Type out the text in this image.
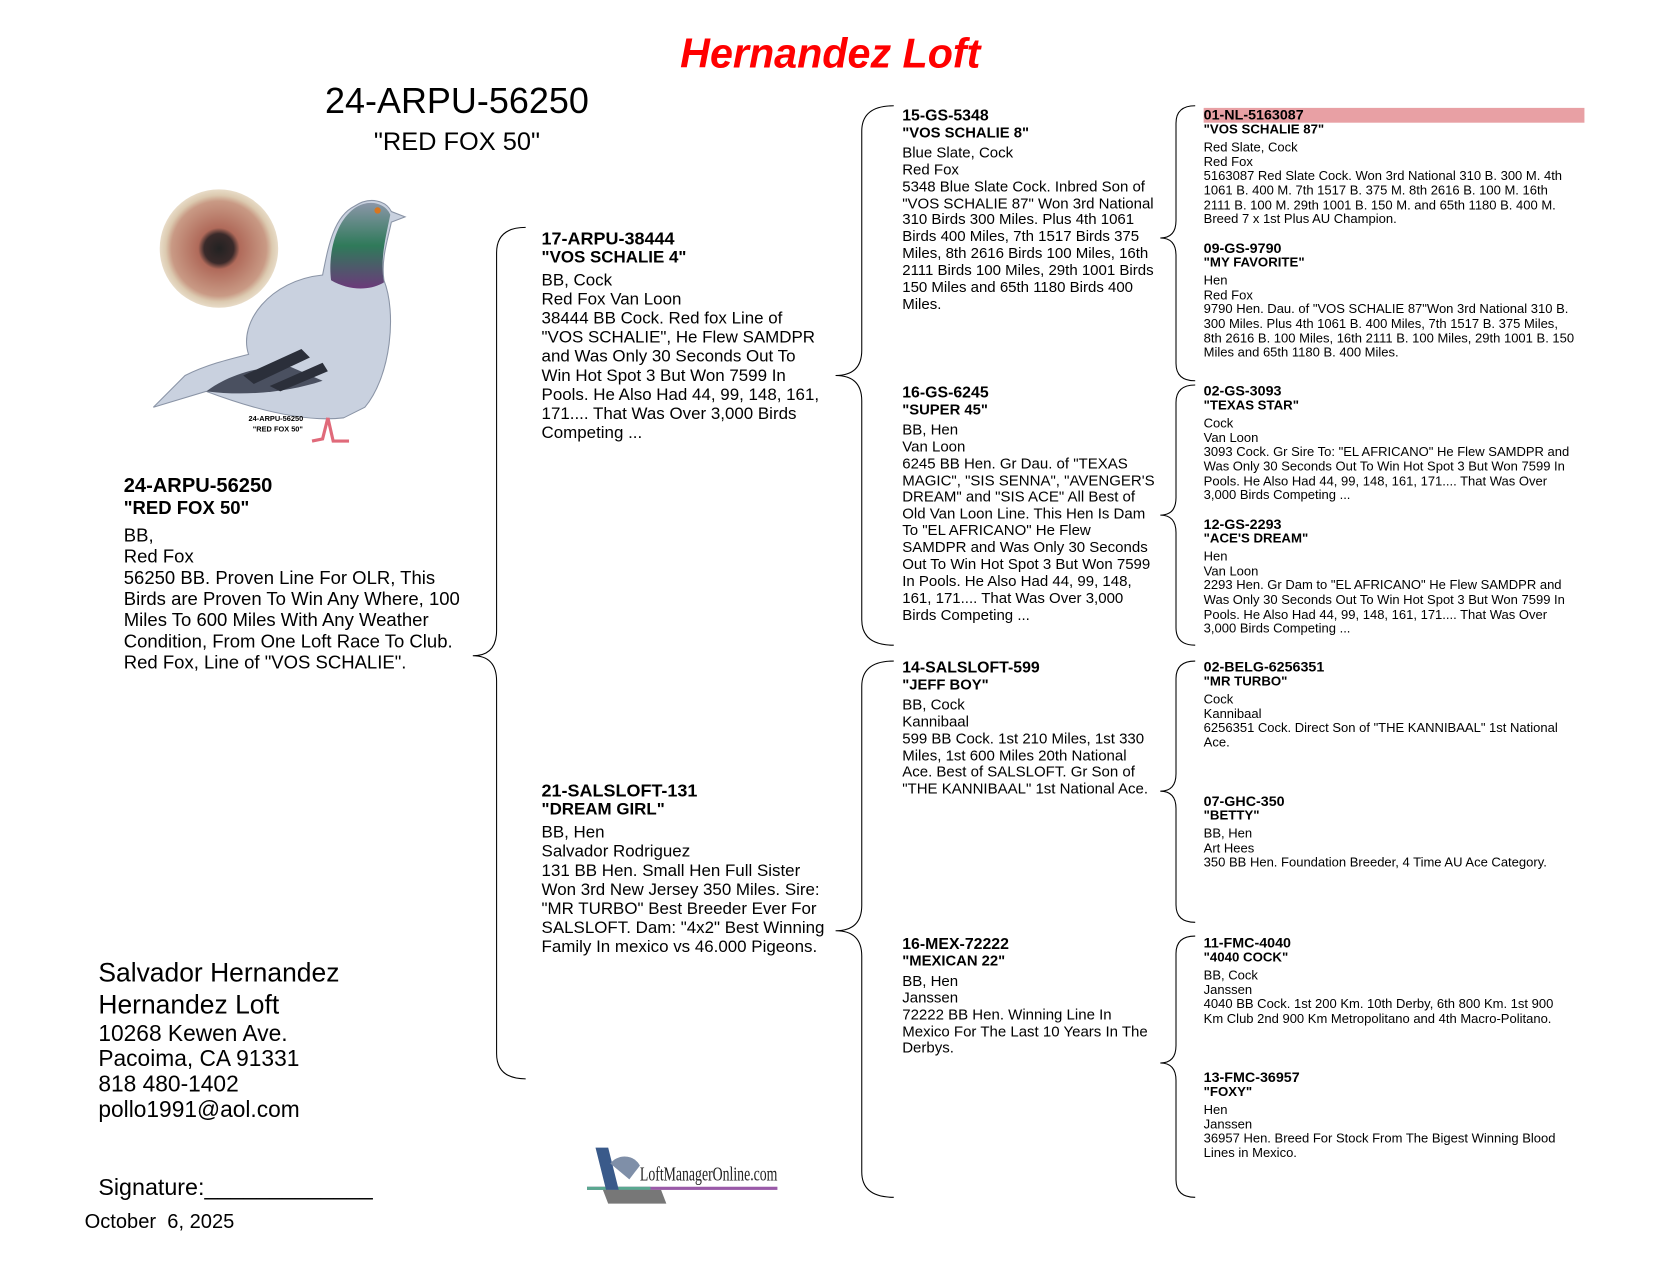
Hernandez Loft
24-ARPU-56250
"RED FOX 50"
24-ARPU-56250
"RED FOX 50"
24-ARPU-56250
"RED FOX 50"
BB,
Red Fox
56250 BB. Proven Line For OLR, This Birds are Proven To Win Any Where, 100 Miles To 600 Miles With Any Weather Condition, From One Loft Race To Club. Red Fox, Line of "VOS SCHALIE".
17-ARPU-38444
"VOS SCHALIE 4"
BB, Cock
Red Fox Van Loon
38444 BB Cock. Red fox Line of "VOS SCHALIE", He Flew SAMDPR and Was Only 30 Seconds Out To Win Hot Spot 3 But Won 7599 In Pools. He Also Had 44, 99, 148, 161, 171.... That Was Over 3,000 Birds Competing ...
21-SALSLOFT-131
"DREAM GIRL"
BB, Hen
Salvador Rodriguez
131 BB Hen. Small Hen Full Sister Won 3rd New Jersey 350 Miles. Sire: "MR TURBO" Best Breeder Ever For SALSLOFT. Dam: "4x2" Best Winning Family In mexico vs 46.000 Pigeons.
15-GS-5348
"VOS SCHALIE 8"
Blue Slate, Cock
Red Fox
5348 Blue Slate Cock. Inbred Son of "VOS SCHALIE 87" Won 3rd National 310 Birds 300 Miles. Plus 4th 1061 Birds 400 Miles, 7th 1517 Birds 375 Miles, 8th 2616 Birds 100 Miles, 16th 2111 Birds 100 Miles, 29th 1001 Birds 150 Miles and 65th 1180 Birds 400 Miles.
16-GS-6245
"SUPER 45"
BB, Hen
Van Loon
6245 BB Hen. Gr Dau. of "TEXAS MAGIC", "SIS SENNA", "AVENGER'S DREAM" and "SIS ACE" All Best of Old Van Loon Line. This Hen Is Dam To "EL AFRICANO" He Flew SAMDPR and Was Only 30 Seconds Out To Win Hot Spot 3 But Won 7599 In Pools. He Also Had 44, 99, 148, 161, 171.... That Was Over 3,000 Birds Competing ...
14-SALSLOFT-599
"JEFF BOY"
BB, Cock
Kannibaal
599 BB Cock. 1st 210 Miles, 1st 330 Miles, 1st 600 Miles 20th National Ace. Best of SALSLOFT. Gr Son of "THE KANNIBAAL" 1st National Ace.
16-MEX-72222
"MEXICAN 22"
BB, Hen
Janssen
72222 BB Hen. Winning Line In Mexico For The Last 10 Years In The Derbys.
01-NL-5163087
"VOS SCHALIE 87"
Red Slate, Cock
Red Fox
5163087 Red Slate Cock. Won 3rd National 310 B. 300 M. 4th 1061 B. 400 M. 7th 1517 B. 375 M. 8th 2616 B. 100 M. 16th 2111 B. 100 M. 29th 1001 B. 150 M. and 65th 1180 B. 400 M. Breed 7 x 1st Plus AU Champion.
09-GS-9790
"MY FAVORITE"
Hen
Red Fox
9790 Hen. Dau. of "VOS SCHALIE 87"Won 3rd National 310 B. 300 Miles. Plus 4th 1061 B. 400 Miles, 7th 1517 B. 375 Miles, 8th 2616 B. 100 Miles, 16th 2111 B. 100 Miles, 29th 1001 B. 150 Miles and 65th 1180 B. 400 Miles.
02-GS-3093
"TEXAS STAR"
Cock
Van Loon
3093 Cock. Gr Sire To: "EL AFRICANO" He Flew SAMDPR and Was Only 30 Seconds Out To Win Hot Spot 3 But Won 7599 In Pools. He Also Had 44, 99, 148, 161, 171.... That Was Over 3,000 Birds Competing ...
12-GS-2293
"ACE'S DREAM"
Hen
Van Loon
2293 Hen. Gr Dam to "EL AFRICANO" He Flew SAMDPR and Was Only 30 Seconds Out To Win Hot Spot 3 But Won 7599 In Pools. He Also Had 44, 99, 148, 161, 171.... That Was Over 3,000 Birds Competing ...
02-BELG-6256351
"MR TURBO"
Cock
Kannibaal
6256351 Cock. Direct Son of "THE KANNIBAAL" 1st National Ace.
07-GHC-350
"BETTY"
BB, Hen
Art Hees
350 BB Hen. Foundation Breeder, 4 Time AU Ace Category.
11-FMC-4040
"4040 COCK"
BB, Cock
Janssen
4040 BB Cock. 1st 200 Km. 10th Derby, 6th 800 Km. 1st 900 Km Club 2nd 900 Km Metropolitano and 4th Macro-Politano.
13-FMC-36957
"FOXY"
Hen
Janssen
36957 Hen. Breed For Stock From The Bigest Winning Blood Lines in Mexico.
Salvador Hernandez
Hernandez Loft
10268 Kewen Ave.
Pacoima, CA 91331
818 480-1402
pollo1991@aol.com
Signature:_____________
October  6, 2025
LoftManagerOnline.com
